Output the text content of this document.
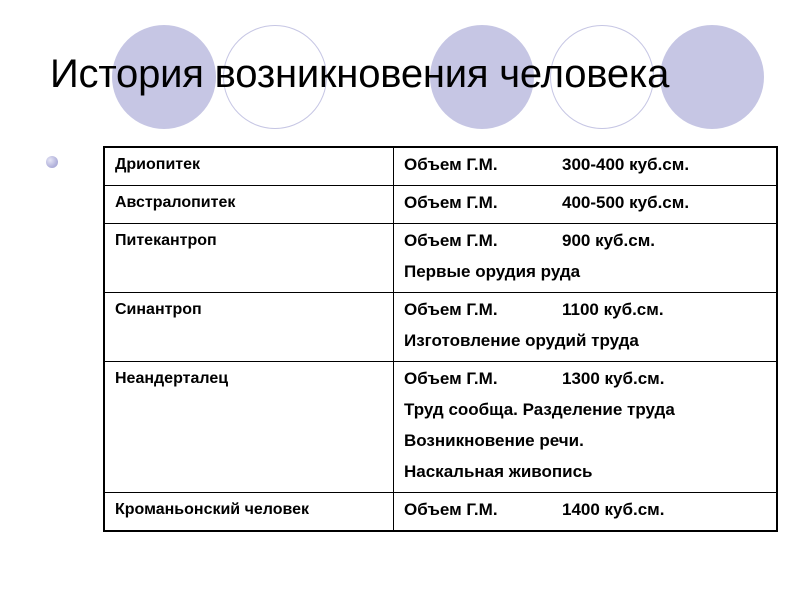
История возникновения человека
Дриопитек	Объем Г.М. 300-400 куб.см.

Австралопитек	Объем Г.М. 400-500 куб.см.

Питекантроп	Объем Г.М. 900 куб.см.
Первые орудия руда

Синантроп	Объем Г.М. 1100 куб.см.
Изготовление орудий труда

Неандерталец	Объем Г.М. 1300 куб.см.
Труд сообща. Разделение труда
Возникновение речи.
Наскальная живопись

Кроманьонский человек	Объем Г.М. 1400 куб.см.
